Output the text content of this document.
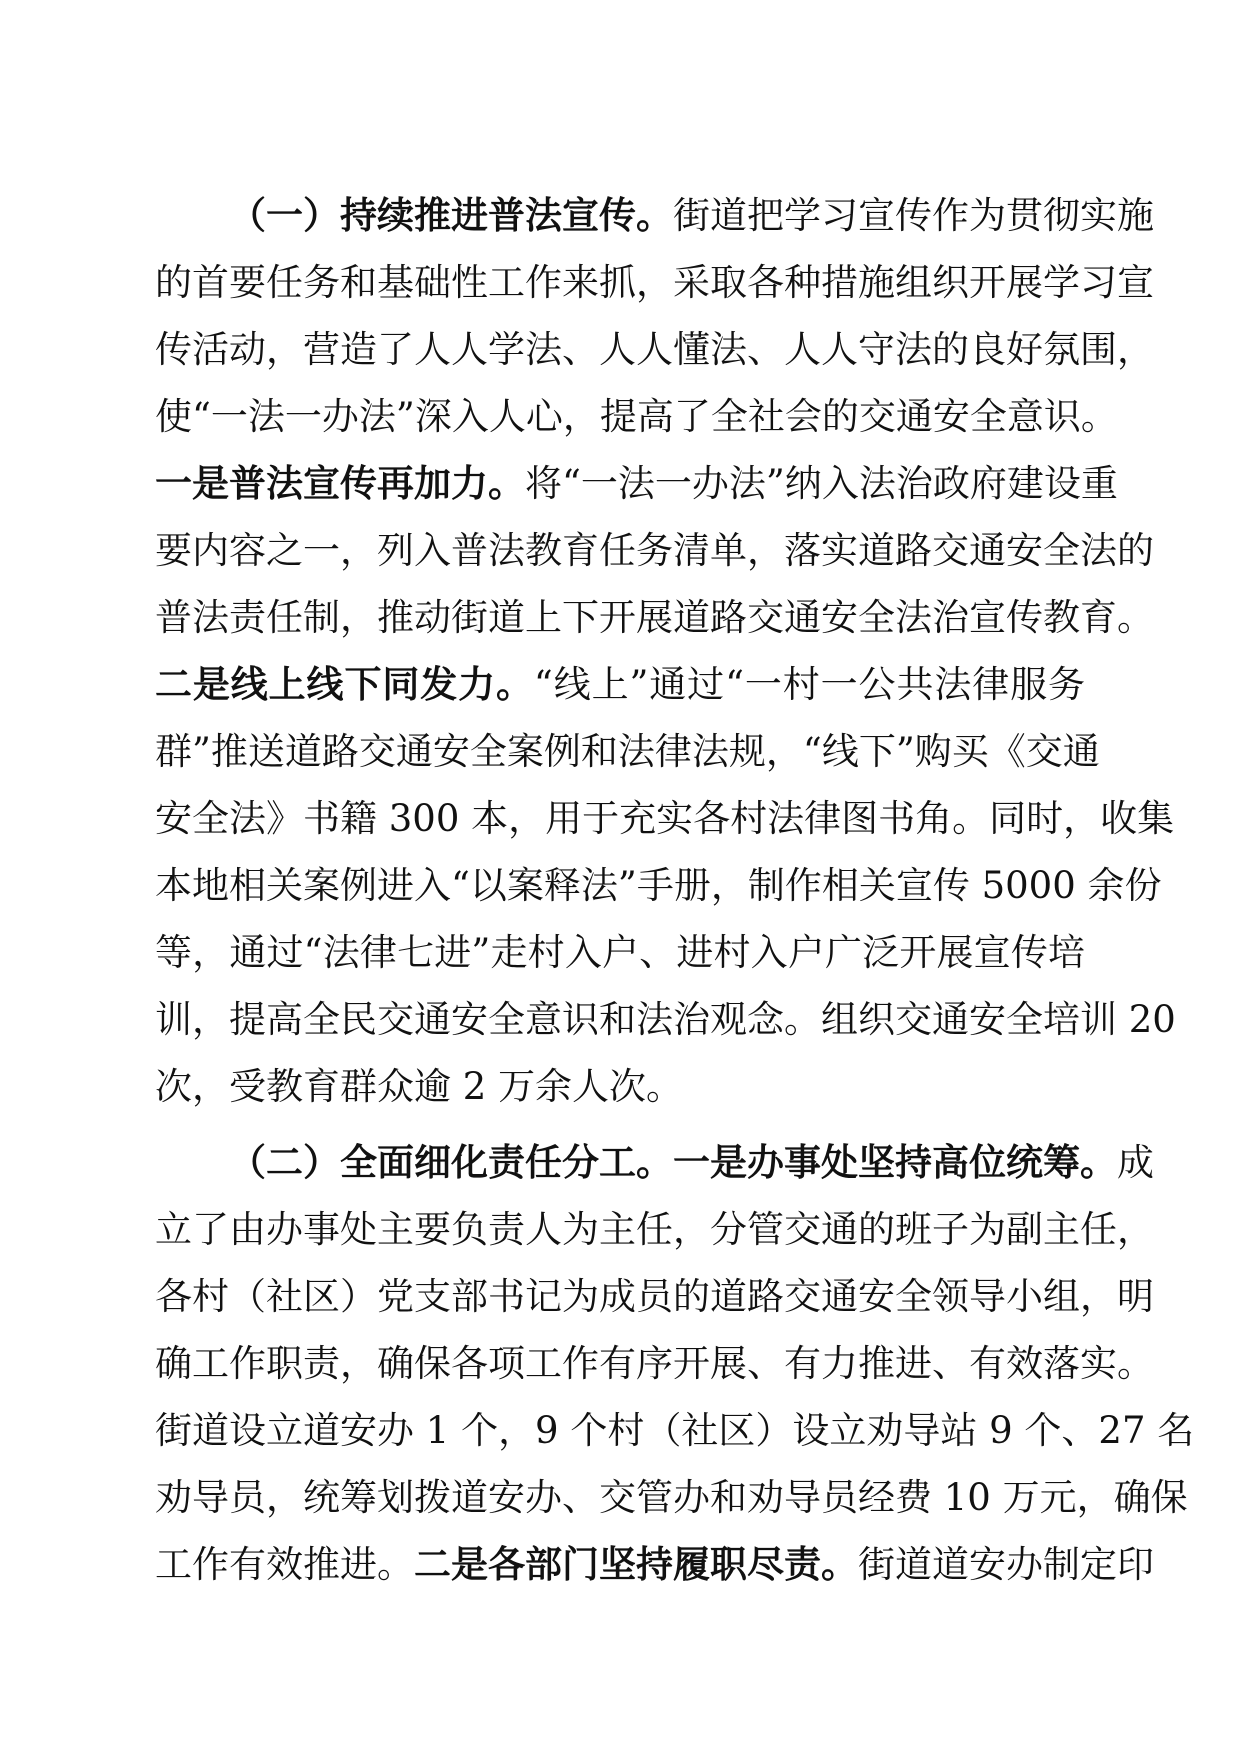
（一）持续推进普法宣传。街道把学习宣传作为贯彻实施
的首要任务和基础性工作来抓，采取各种措施组织开展学习宣
传活动，营造了人人学法、人人懂法、人人守法的良好氛围，
使“一法一办法”深入人心，提高了全社会的交通安全意识。
一是普法宣传再加力。将“一法一办法”纳入法治政府建设重
要内容之一，列入普法教育任务清单，落实道路交通安全法的
普法责任制，推动街道上下开展道路交通安全法治宣传教育。
二是线上线下同发力。“线上”通过“一村一公共法律服务
群”推送道路交通安全案例和法律法规，“线下”购买《交通
安全法》书籍 300 本，用于充实各村法律图书角。同时，收集
本地相关案例进入“以案释法”手册，制作相关宣传 5000 余份
等，通过“法律七进”走村入户、进村入户广泛开展宣传培
训，提高全民交通安全意识和法治观念。组织交通安全培训 20
次，受教育群众逾 2 万余人次。
（二）全面细化责任分工。一是办事处坚持高位统筹。成
立了由办事处主要负责人为主任，分管交通的班子为副主任，
各村（社区）党支部书记为成员的道路交通安全领导小组，明
确工作职责，确保各项工作有序开展、有力推进、有效落实。
街道设立道安办 1 个，9 个村（社区）设立劝导站 9 个、27 名
劝导员，统筹划拨道安办、交管办和劝导员经费 10 万元，确保
工作有效推进。二是各部门坚持履职尽责。街道道安办制定印
